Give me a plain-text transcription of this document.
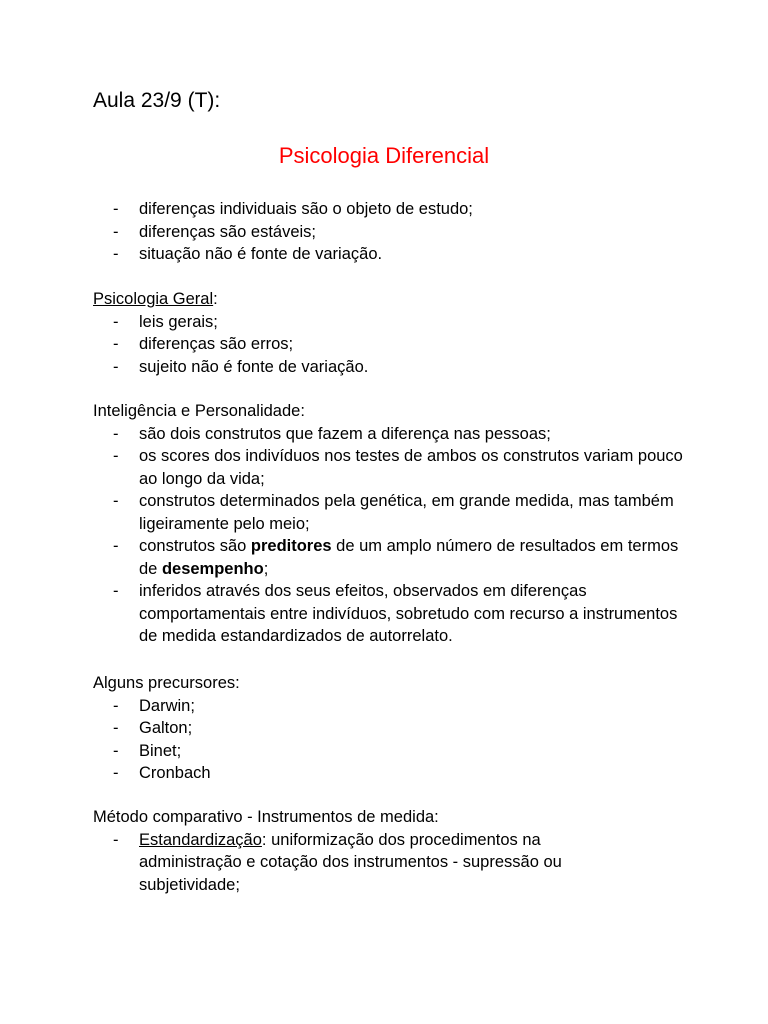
Aula 23/9 (T):
Psicologia Diferencial
- diferenças individuais são o objeto de estudo;
- diferenças são estáveis;
- situação não é fonte de variação.

Psicologia Geral:

- leis gerais;
- diferenças são erros;
- sujeito não é fonte de variação.

Inteligência e Personalidade:

- são dois construtos que fazem a diferença nas pessoas;
- os scores dos indivíduos nos testes de ambos os construtos variam pouco ao longo da vida;
- construtos determinados pela genética, em grande medida, mas também ligeiramente pelo meio;
- construtos são preditores de um amplo número de resultados em termos de desempenho;
- inferidos através dos seus efeitos, observados em diferenças comportamentais entre indivíduos, sobretudo com recurso a instrumentos de medida estandardizados de autorrelato.

Alguns precursores:

- Darwin;
- Galton;
- Binet;
- Cronbach

Método comparativo - Instrumentos de medida:

- Estandardização: uniformização dos procedimentos na administração e cotação dos instrumentos - supressão ou subjetividade;
